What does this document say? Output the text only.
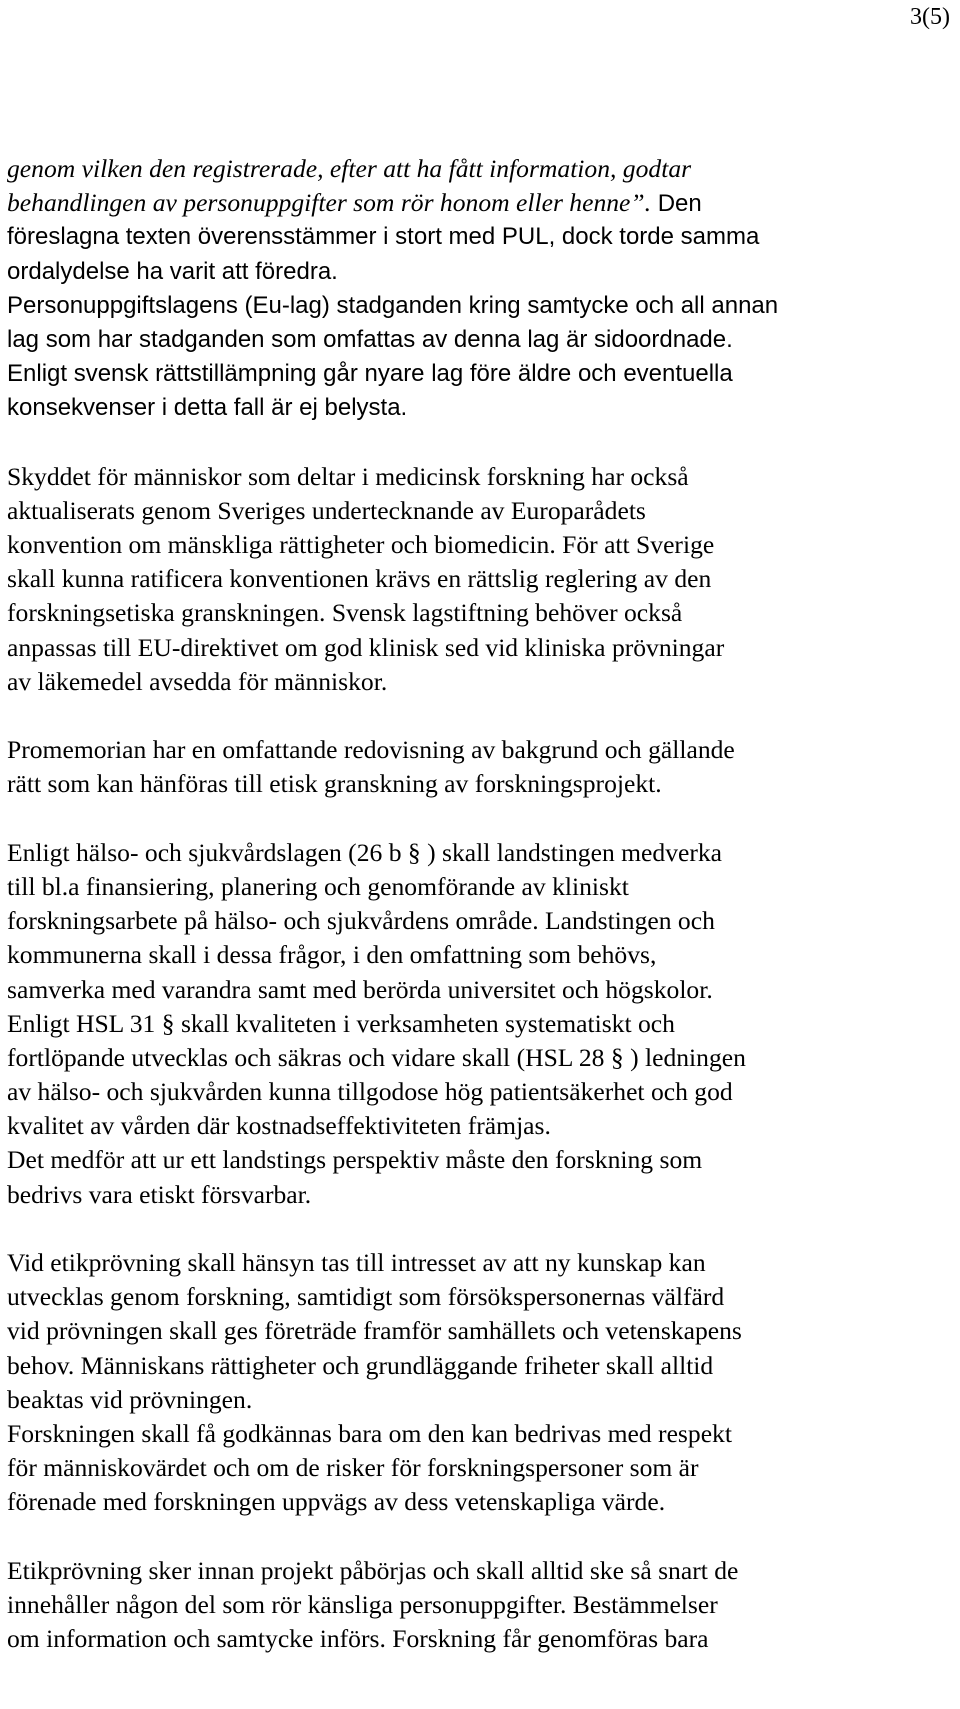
3(5)
genom vilken den registrerade, efter att ha fått information, godtar
behandlingen av personuppgifter som rör honom eller henne”. Den
föreslagna texten överensstämmer i stort med PUL, dock torde samma
ordalydelse ha varit att föredra.
Personuppgiftslagens (Eu-lag) stadganden kring samtycke och all annan
lag som har stadganden som omfattas av denna lag är sidoordnade.
Enligt svensk rättstillämpning går nyare lag före äldre och eventuella
konsekvenser i detta fall är ej belysta.
Skyddet för människor som deltar i medicinsk forskning har också
aktualiserats genom Sveriges undertecknande av Europarådets
konvention om mänskliga rättigheter och biomedicin. För att Sverige
skall kunna ratificera konventionen krävs en rättslig reglering av den
forskningsetiska granskningen. Svensk lagstiftning behöver också
anpassas till EU-direktivet om god klinisk sed vid kliniska prövningar
av läkemedel avsedda för människor.
Promemorian har en omfattande redovisning av bakgrund och gällande
rätt som kan hänföras till etisk granskning av forskningsprojekt.
Enligt hälso- och sjukvårdslagen (26 b § ) skall landstingen medverka
till bl.a finansiering, planering och genomförande av kliniskt
forskningsarbete på hälso- och sjukvårdens område. Landstingen och
kommunerna skall i dessa frågor, i den omfattning som behövs,
samverka med varandra samt med berörda universitet och högskolor.
Enligt HSL 31 § skall kvaliteten i verksamheten systematiskt och
fortlöpande utvecklas och säkras och vidare skall (HSL 28 § ) ledningen
av hälso- och sjukvården kunna tillgodose hög patientsäkerhet och god
kvalitet av vården där kostnadseffektiviteten främjas.
Det medför att ur ett landstings perspektiv måste den forskning som
bedrivs vara etiskt försvarbar.
Vid etikprövning skall hänsyn tas till intresset av att ny kunskap kan
utvecklas genom forskning, samtidigt som försökspersonernas välfärd
vid prövningen skall ges företräde framför samhällets och vetenskapens
behov. Människans rättigheter och grundläggande friheter skall alltid
beaktas vid prövningen.
Forskningen skall få godkännas bara om den kan bedrivas med respekt
för människovärdet och om de risker för forskningspersoner som är
förenade med forskningen uppvägs av dess vetenskapliga värde.
Etikprövning sker innan projekt påbörjas och skall alltid ske så snart de
innehåller någon del som rör känsliga personuppgifter. Bestämmelser
om information och samtycke införs. Forskning får genomföras bara
